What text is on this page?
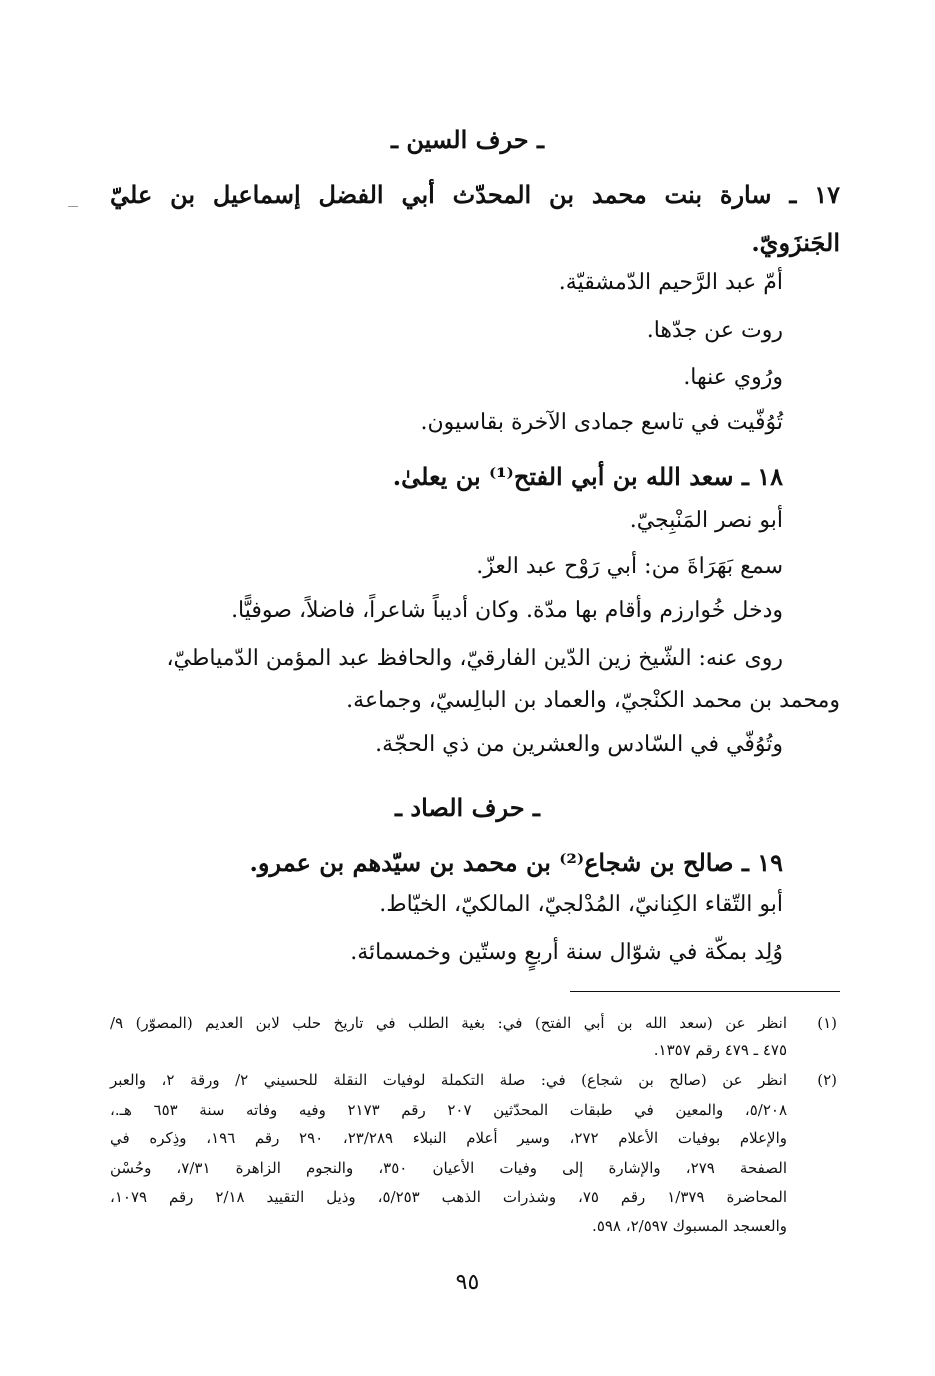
ـ حرف السين ـ
١٧ ـ سارة بنت محمد بن المحدّث أبي الفضل إسماعيل بن عليّ
الجَنزَويّ.
أمّ عبد الرَّحيم الدّمشقيّة.
روت عن جدّها.
ورُوي عنها.
تُوُفّيت في تاسع جمادى الآخرة بقاسيون.
١٨ ـ سعد الله بن أبي الفتح⁽¹⁾ بن يعلىٰ.
أبو نصر المَنْبِجيّ.
سمع بَهَرَاةَ من: أبي رَوْح عبد العزّ.
ودخل خُوارزم وأقام بها مدّة. وكان أديباً شاعراً، فاضلاً، صوفيًّا.
روى عنه: الشّيخ زين الدّين الفارقيّ، والحافظ عبد المؤمن الدّمياطيّ،
ومحمد بن محمد الكنْجيّ، والعماد بن البالِسيّ، وجماعة.
وتُوُفّي في السّادس والعشرين من ذي الحجّة.
ـ حرف الصاد ـ
١٩ ـ صالح بن شجاع⁽²⁾ بن محمد بن سيّدهم بن عمرو.
أبو التّقاء الكِنانيّ، المُدْلجيّ، المالكيّ، الخيّاط.
وُلِد بمكّة في شوّال سنة أربعٍ وستّين وخمسمائة.
(١)
انظر عن (سعد الله بن أبي الفتح) في: بغية الطلب في تاريخ حلب لابن العديم (المصوّر) ٩/
٤٧٥ ـ ٤٧٩ رقم ١٣٥٧.
(٢)
انظر عن (صالح بن شجاع) في: صلة التكملة لوفيات النقلة للحسيني ٢/ ورقة ٢، والعبر
٥/٢٠٨، والمعين في طبقات المحدّثين ٢٠٧ رقم ٢١٧٣ وفيه وفاته سنة ٦٥٣ هـ.،
والإعلام بوفيات الأعلام ٢٧٢، وسير أعلام النبلاء ٢٣/٢٨٩، ٢٩٠ رقم ١٩٦، وذِكره في
الصفحة ٢٧٩، والإشارة إلى وفيات الأعيان ٣٥٠، والنجوم الزاهرة ٧/٣١، وحُسْن
المحاضرة ١/٣٧٩ رقم ٧٥، وشذرات الذهب ٥/٢٥٣، وذيل التقييد ٢/١٨ رقم ١٠٧٩،
والعسجد المسبوك ٢/٥٩٧، ٥٩٨.
٩٥
